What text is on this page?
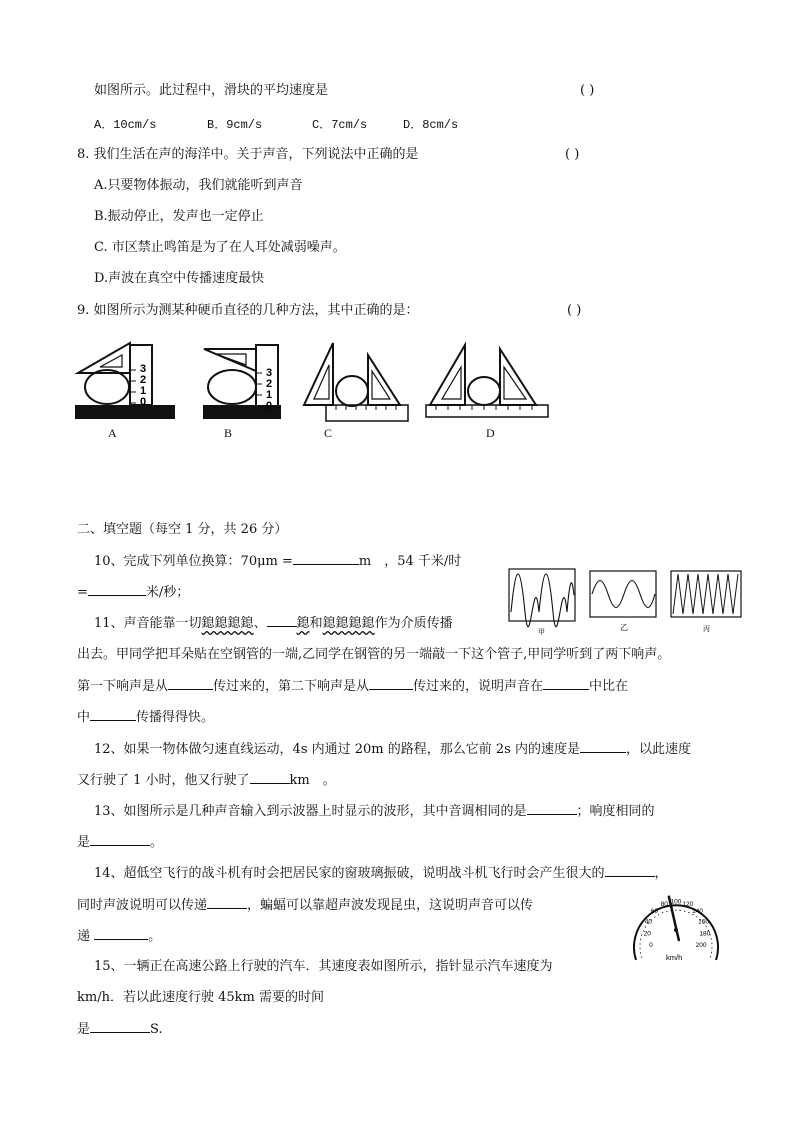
如图所示。此过程中，滑块的平均速度是	( )
A．10cm/s	B．9cm/s	C．7cm/s	D．8cm/s
8. 我们生活在声的海洋中。关于声音，下列说法中正确的是	( )
A.只要物体振动，我们就能听到声音
B.振动停止，发声也一定停止
C. 市区禁止鸣笛是为了在人耳处减弱噪声。
D.声波在真空中传播速度最快
9. 如图所示为测某种硬币直径的几种方法，其中正确的是：	( )
3
2
1
0
3
2
1
0
A	B	C	D
二、填空题（每空 1 分，共 26 分）
10、完成下列单位换算：70μm =	m　，54 千米/时
=	米/秒；
甲
乙	丙
11、声音能靠一切鎴鎴鎴鎴、 鎴和鎴鎴鎴鎴作为介质传播
出去。甲同学把耳朵贴在空钢管的一端,乙同学在钢管的另一端敲一下这个管子,甲同学听到了两下响声。
第一下响声是从	传过来的，第二下响声是从	传过来的，说明声音在	中比在
中	传播得得快。
12、如果一物体做匀速直线运动，4s 内通过 20m 的路程，那么它前 2s 内的速度是	，以此速度
又行驶了 1 小时，他又行驶了	km　。
13、如图所示是几种声音输入到示波器上时显示的波形，其中音调相同的是	；响度相同的
是	。
14、超低空飞行的战斗机有时会把居民家的窗玻璃振破，说明战斗机飞行时会产生很大的	，
同时声波说明可以传递	，蝙蝠可以靠超声波发现昆虫，这说明声音可以传
递	。
0
20
40
60
80 100 120
140
160
180
200
km/h
15、一辆正在高速公路上行驶的汽车．其速度表如图所示，指针显示汽车速度为
km/h．若以此速度行驶 45km 需要的时间
是	S.
